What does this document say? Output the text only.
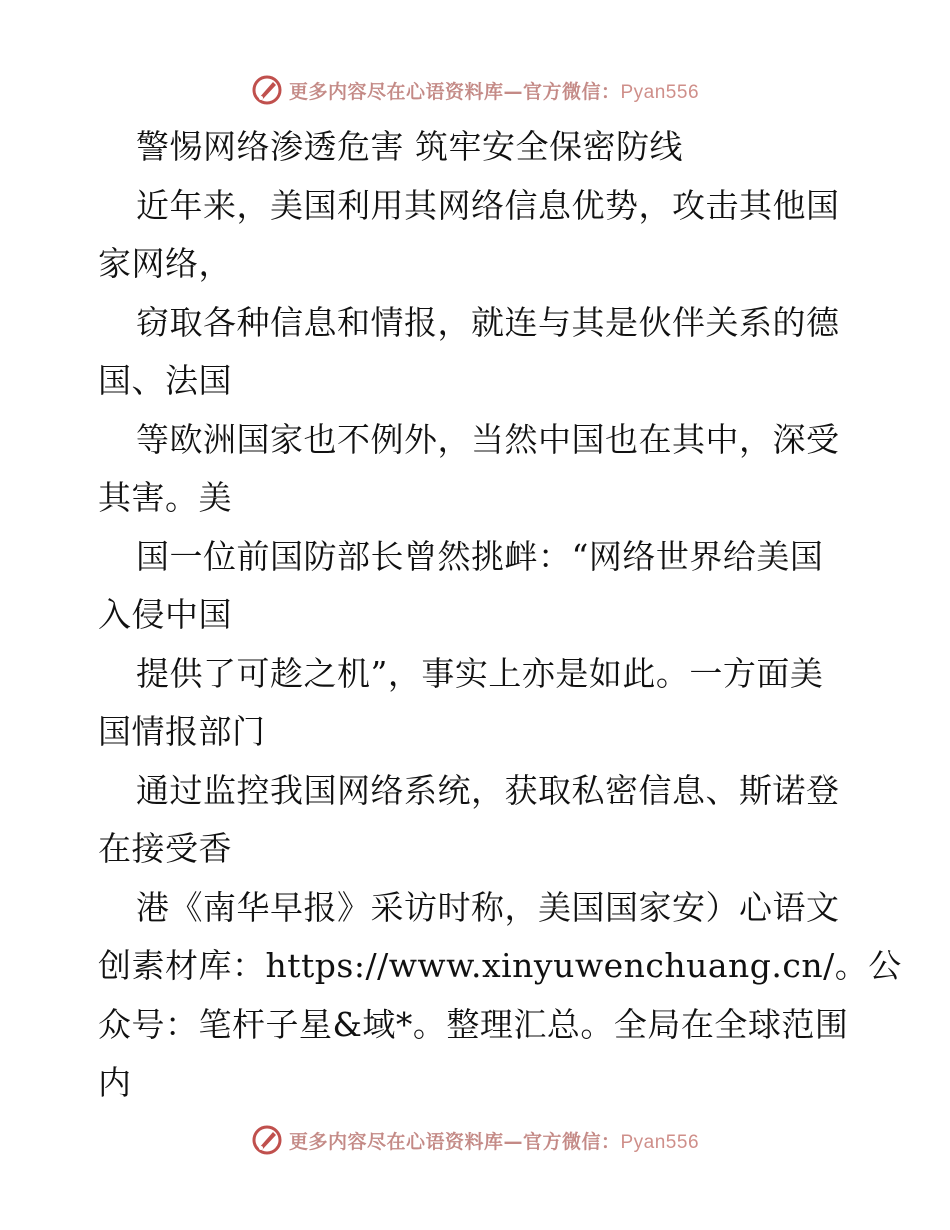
更多内容尽在心语资料库—官方微信：Pyan556
警惕网络渗透危害 筑牢安全保密防线
近年来，美国利用其网络信息优势，攻击其他国
家网络，
窃取各种信息和情报，就连与其是伙伴关系的德
国、法国
等欧洲国家也不例外，当然中国也在其中，深受
其害。美
国一位前国防部长曾然挑衅：“网络世界给美国
入侵中国
提供了可趁之机”，事实上亦是如此。一方面美
国情报部门
通过监控我国网络系统，获取私密信息、斯诺登
在接受香
港《南华早报》采访时称，美国国家安）心语文
创素材库：https://www.xinyuwenchuang.cn/。公
众号：笔杆子星&域*。整理汇总。全局在全球范围
内
更多内容尽在心语资料库—官方微信：Pyan556
